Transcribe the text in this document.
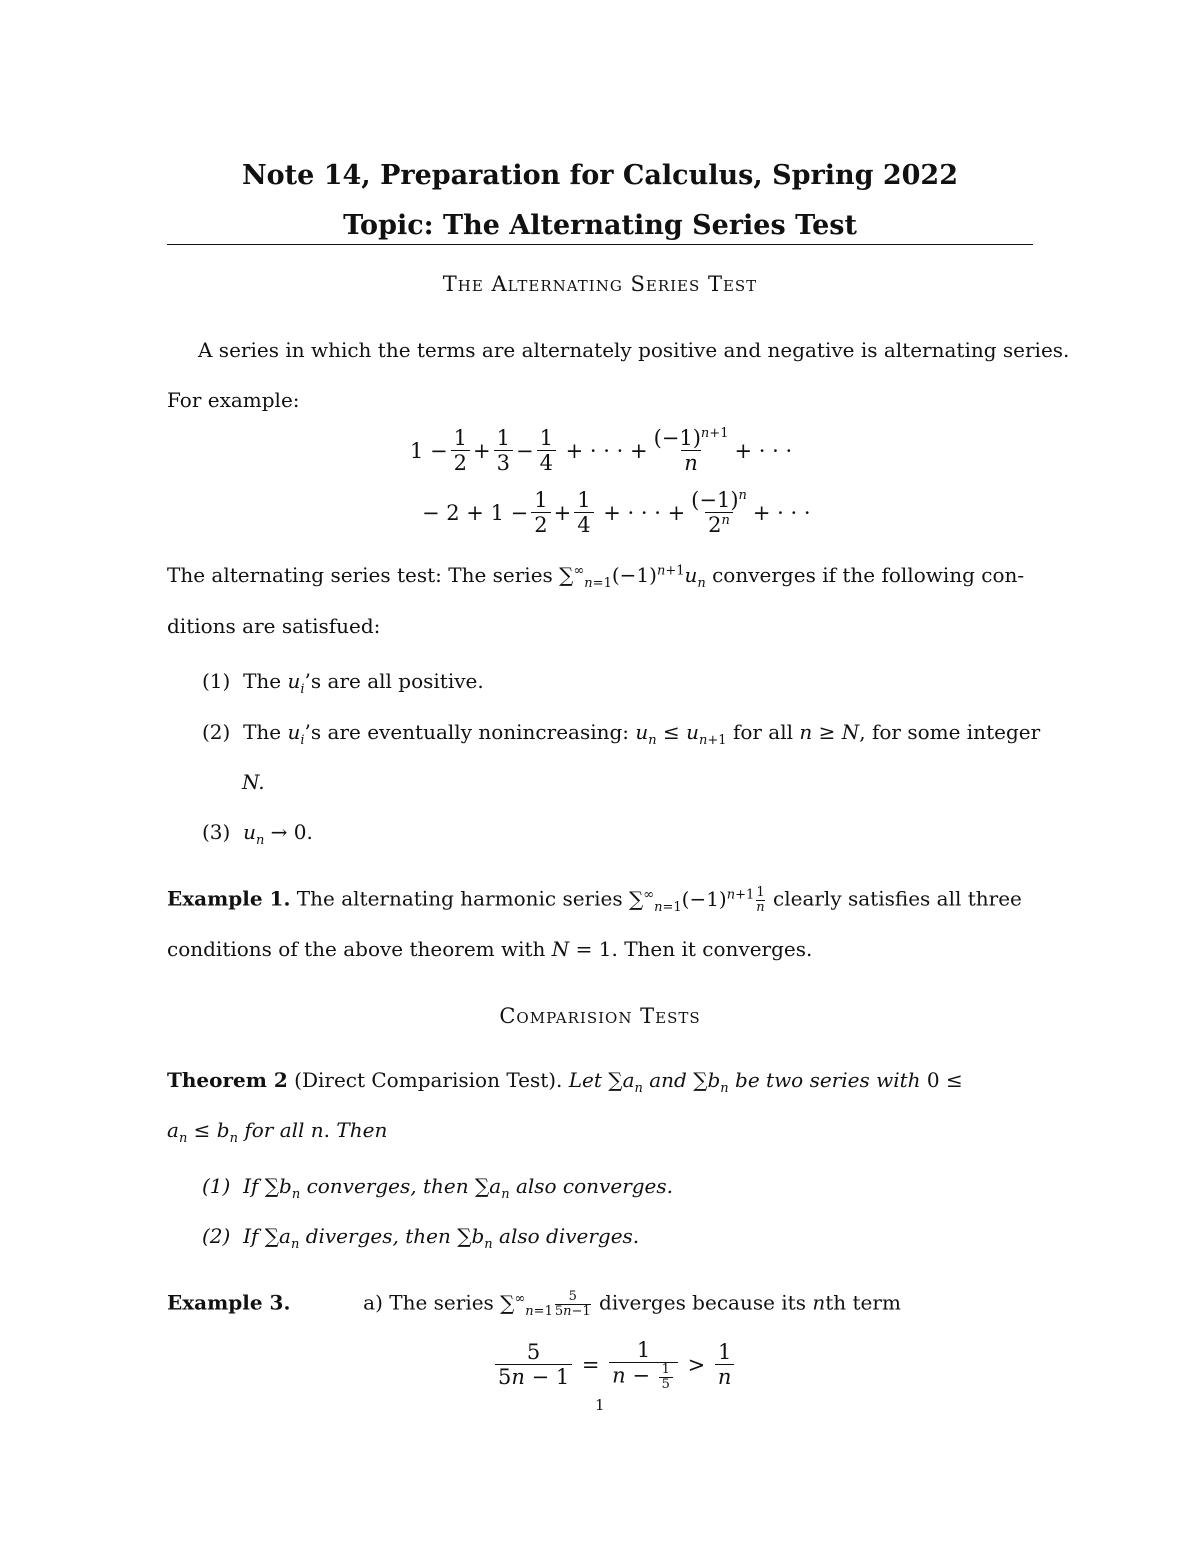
Note 14, Preparation for Calculus, Spring 2022
Topic: The Alternating Series Test
The Alternating Series Test
A series in which the terms are alternately positive and negative is alternating series.
For example:
$1 - \frac{1}{2} + \frac{1}{3} - \frac{1}{4}$ + · · · + $\frac{(-1)^{n+1}}{n}$ + · · ·
− $2 + 1 - \frac{1}{2} + \frac{1}{4}$ + · · · + $\frac{(-1)^n}{2^n}$ + · · ·
The alternating series test: The series $\sum^\infty_{n=1}(-1)^{n+1}u_n$ converges if the following con-
ditions are satisfued:
(1) The $u_i’s$ are all positive.
(2) The $u_i’s$ are eventually nonincreasing: $u_n \le u_{n+1}$ for all n ≥ N, for some integer
N.
(3) $u_n \to 0$.
Example 1. The alternating harmonic series $\sum^\infty_{n=1}(-1)^{n+1} \frac{1}{n}$ clearly satisfies all three
conditions of the above theorem with N = 1. Then it converges.
Comparision Tests
Theorem 2 (Direct Comparision Test). Let $\sum a_n$ and $\sum b_n$ be two series with 0 ≤
$a_n \le b_n$ for all n. Then
(1) If $\sum b_n$ converges, then $\sum a_n$ also converges.
(2) If $\sum a_n$ diverges, then $\sum b_n$ also diverges.
Example 3.	a) The series $\sum^\infty_{n=1} \frac{5}{5n-1}$ diverges because its nth term
$\frac{5}{5n - 1} = \frac{1}{n - \frac{1}{5}} > \frac{1}{n}$
1
